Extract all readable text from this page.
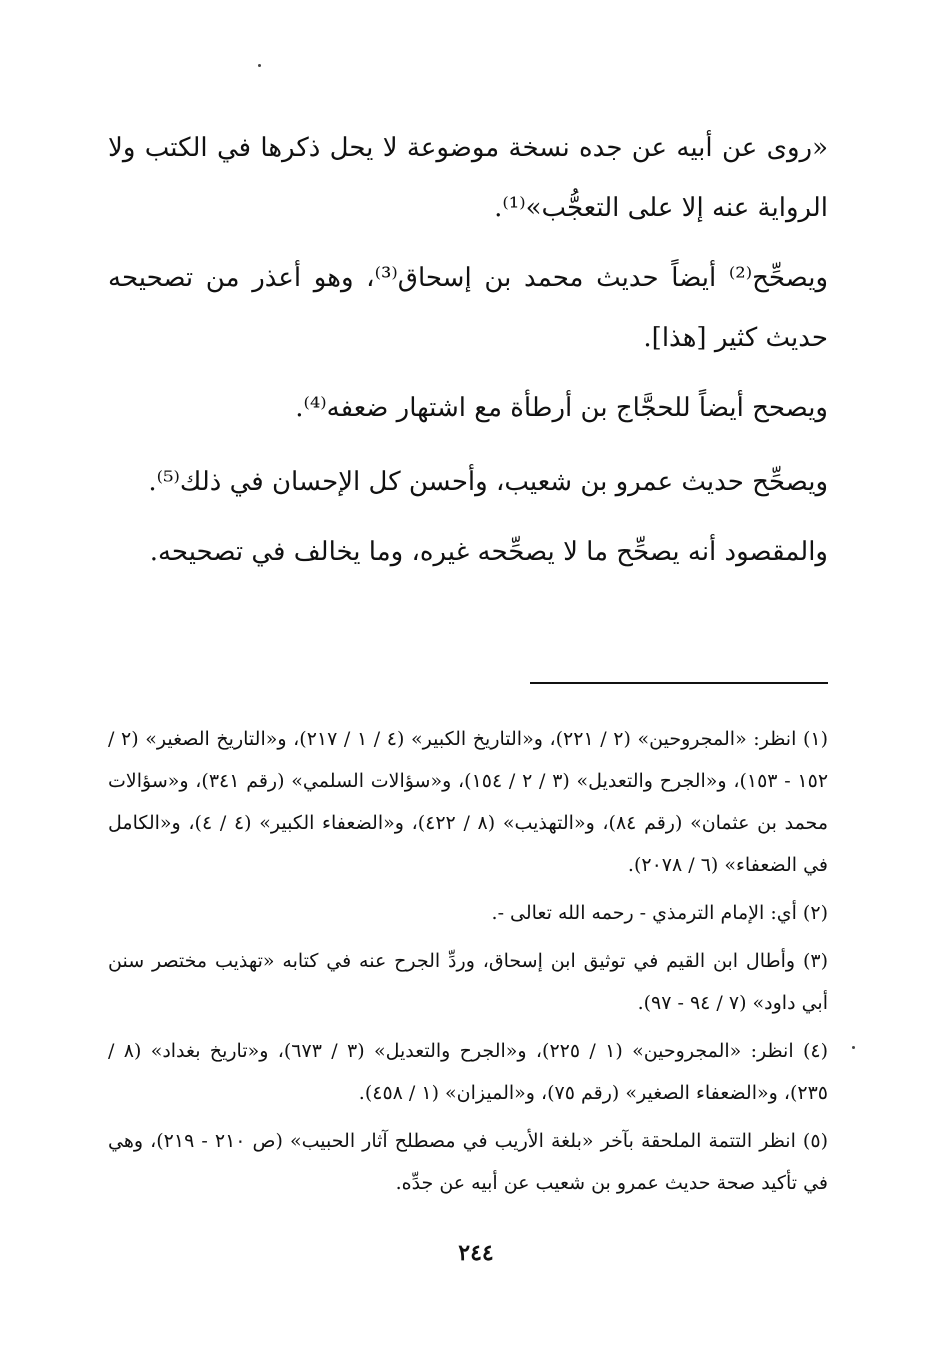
«روى عن أبيه عن جده نسخة موضوعة لا يحل ذكرها في الكتب ولا الرواية عنه إلا على التعجُّب»⁽¹⁾.

ويصحِّح⁽²⁾ أيضاً حديث محمد بن إسحاق⁽³⁾، وهو أعذر من تصحيحه حديث كثير [هذا].

ويصحح أيضاً للحجَّاج بن أرطأة مع اشتهار ضعفه⁽⁴⁾.

ويصحِّح حديث عمرو بن شعيب، وأحسن كل الإحسان في ذلك⁽⁵⁾.

والمقصود أنه يصحِّح ما لا يصحِّحه غيره، وما يخالف في تصحيحه.

(١) انظر: «المجروحين» (٢ / ٢٢١)، و«التاريخ الكبير» (٤ / ١ / ٢١٧)، و«التاريخ الصغير» (٢ / ١٥٢ - ١٥٣)، و«الجرح والتعديل» (٣ / ٢ / ١٥٤)، و«سؤالات السلمي» (رقم ٣٤١)، و«سؤالات محمد بن عثمان» (رقم ٨٤)، و«التهذيب» (٨ / ٤٢٢)، و«الضعفاء الكبير» (٤ / ٤)، و«الكامل في الضعفاء» (٦ / ٢٠٧٨).

(٢) أي: الإمام الترمذي - رحمه الله تعالى -.

(٣) وأطال ابن القيم في توثيق ابن إسحاق، وردِّ الجرح عنه في كتابه «تهذيب مختصر سنن أبي داود» (٧ / ٩٤ - ٩٧).

(٤) انظر: «المجروحين» (١ / ٢٢٥)، و«الجرح والتعديل» (٣ / ٦٧٣)، و«تاريخ بغداد» (٨ / ٢٣٥)، و«الضعفاء الصغير» (رقم ٧٥)، و«الميزان» (١ / ٤٥٨).

(٥) انظر التتمة الملحقة بآخر «بلغة الأريب في مصطلح آثار الحبيب» (ص ٢١٠ - ٢١٩)، وهي في تأكيد صحة حديث عمرو بن شعيب عن أبيه عن جدِّه.

٢٤٤
